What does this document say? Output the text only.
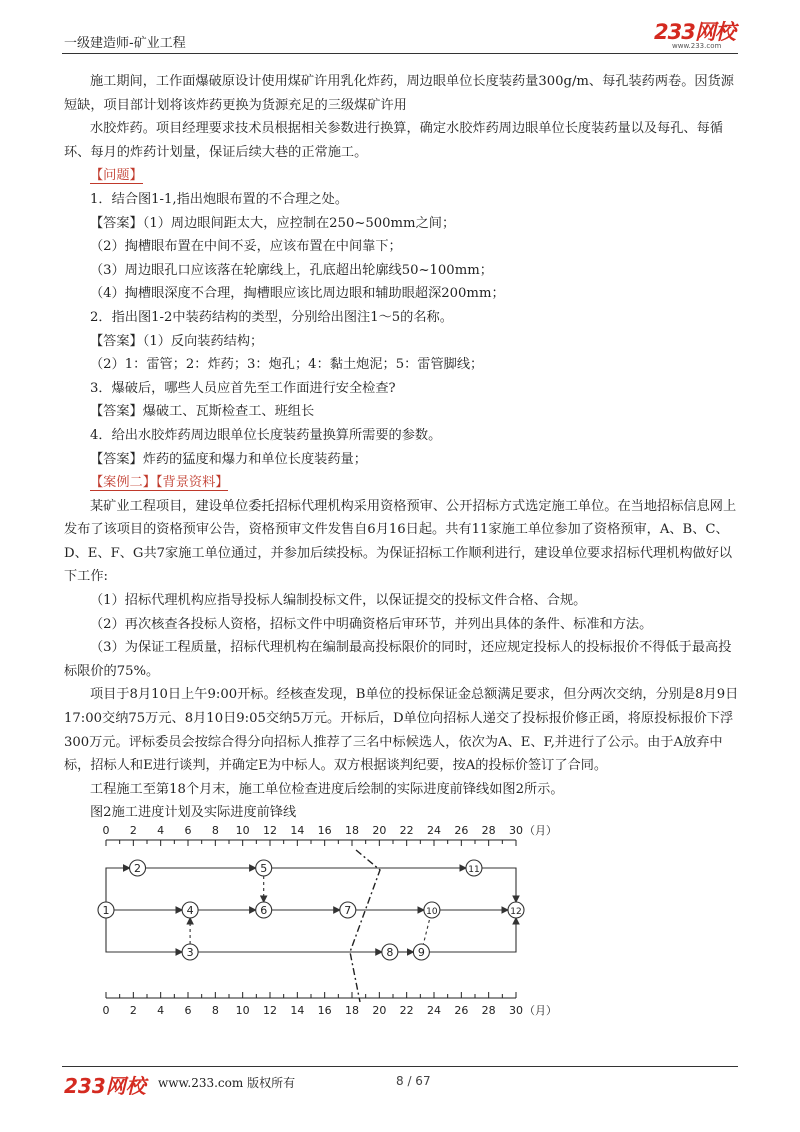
一级建造师-矿业工程	233网校
www.233.com

施工期间，工作面爆破原设计使用煤矿许用乳化炸药，周边眼单位长度装药量300g/m、每孔装药两卷。因货源短缺，项目部计划将该炸药更换为货源充足的三级煤矿许用

水胶炸药。项目经理要求技术员根据相关参数进行换算，确定水胶炸药周边眼单位长度装药量以及每孔、每循环、每月的炸药计划量，保证后续大巷的正常施工。

【问题】

1．结合图1-1,指出炮眼布置的不合理之处。

【答案】（1）周边眼间距太大，应控制在250~500mm之间；

（2）掏槽眼布置在中间不妥，应该布置在中间靠下；

（3）周边眼孔口应该落在轮廓线上，孔底超出轮廓线50~100mm；

（4）掏槽眼深度不合理，掏槽眼应该比周边眼和辅助眼超深200mm；

2．指出图1-2中装药结构的类型，分别给出图注1～5的名称。

【答案】（1）反向装药结构；

（2）1：雷管；2：炸药；3：炮孔；4：黏土炮泥；5：雷管脚线；

3．爆破后，哪些人员应首先至工作面进行安全检查?

【答案】爆破工、瓦斯检查工、班组长

4．给出水胶炸药周边眼单位长度装药量换算所需要的参数。

【答案】炸药的猛度和爆力和单位长度装药量；

【案例二】【背景资料】

某矿业工程项目，建设单位委托招标代理机构采用资格预审、公开招标方式选定施工单位。在当地招标信息网上发布了该项目的资格预审公告，资格预审文件发售自6月16日起。共有11家施工单位参加了资格预审，A、B、C、D、E、F、G共7家施工单位通过，并参加后续投标。为保证招标工作顺利进行，建设单位要求招标代理机构做好以下工作:

（1）招标代理机构应指导投标人编制投标文件，以保证提交的投标文件合格、合规。

（2）再次核查各投标人资格，招标文件中明确资格后审环节，并列出具体的条件、标准和方法。

（3）为保证工程质量，招标代理机构在编制最高投标限价的同时，还应规定投标人的投标报价不得低于最高投标限价的75%。

项目于8月10日上午9:00开标。经核查发现，B单位的投标保证金总额满足要求，但分两次交纳，分别是8月9日17:00交纳75万元、8月10日9:05交纳5万元。开标后，D单位向招标人递交了投标报价修正函，将原投标报价下浮300万元。评标委员会按综合得分向招标人推荐了三名中标候选人，依次为A、E、F,并进行了公示。由于A放弃中标，招标人和E进行谈判，并确定E为中标人。双方根据谈判纪要，按A的投标价签订了合同。

工程施工至第18个月末，施工单位检查进度后绘制的实际进度前锋线如图2所示。

图2施工进度计划及实际进度前锋线

0 2 4 6 8 10 12 14 16 18 20 22 24 26 28 30 （月）
0 2 4 6 8 10 12 14 16 18 20 22 24 26 28 30 （月）
1
2
3
4
5
6	7
8 9
10
11
12
233网校 www.233.com 版权所有	8 / 67
